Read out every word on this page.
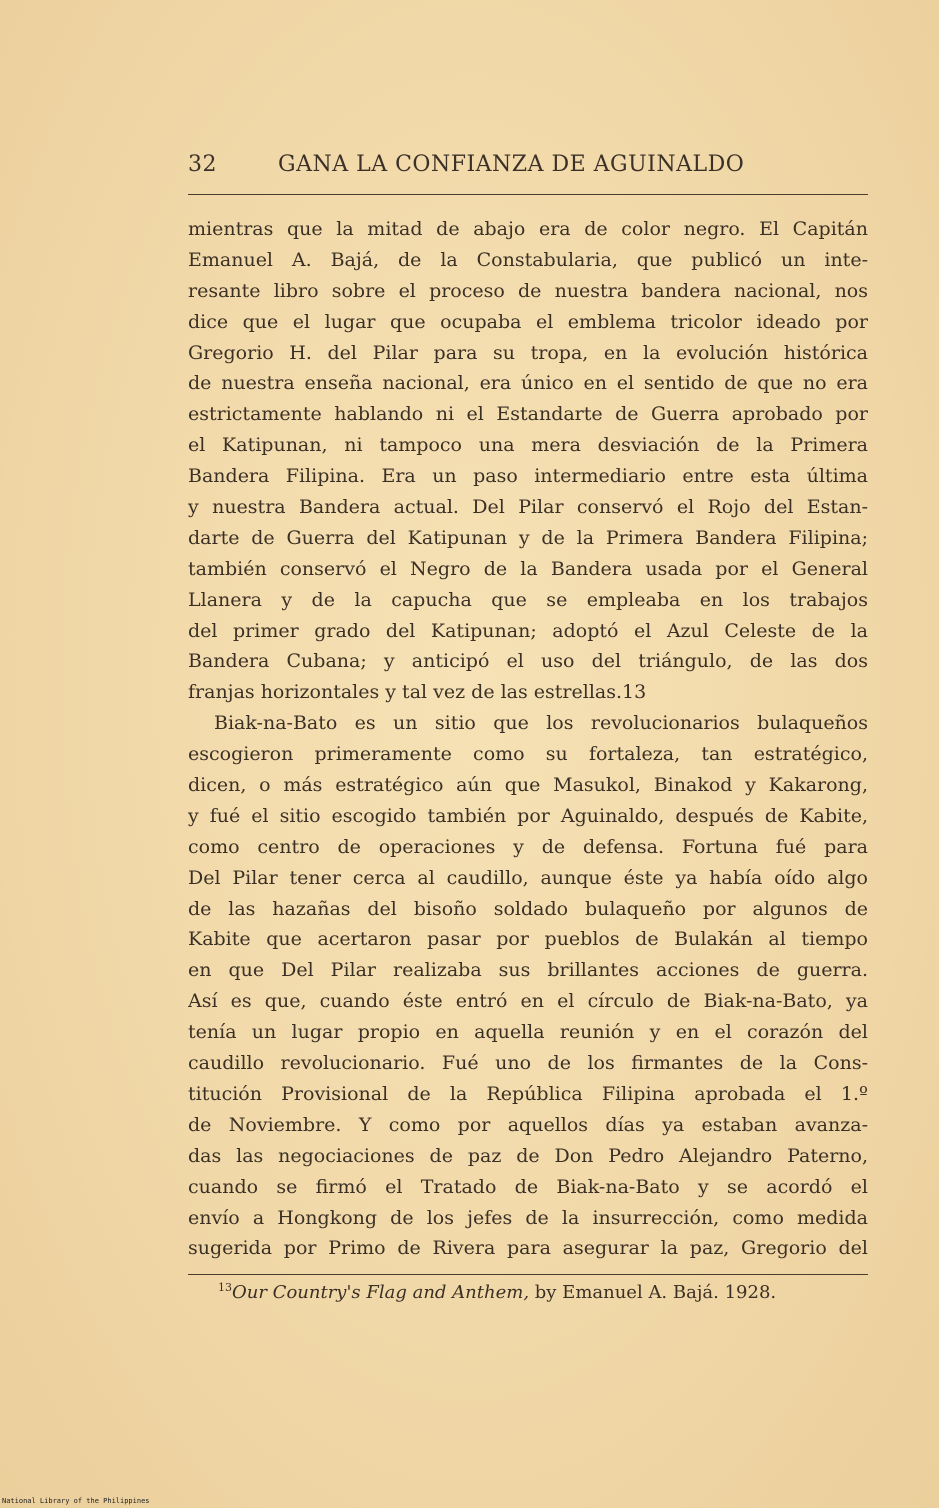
32	GANA LA CONFIANZA DE AGUINALDO
mientras que la mitad de abajo era de color negro. El Capitán
Emanuel A. Bajá, de la Constabularia, que publicó un inte-
resante libro sobre el proceso de nuestra bandera nacional, nos
dice que el lugar que ocupaba el emblema tricolor ideado por
Gregorio H. del Pilar para su tropa, en la evolución histórica
de nuestra enseña nacional, era único en el sentido de que no era
estrictamente hablando ni el Estandarte de Guerra aprobado por
el Katipunan, ni tampoco una mera desviación de la Primera
Bandera Filipina. Era un paso intermediario entre esta última
y nuestra Bandera actual. Del Pilar conservó el Rojo del Estan-
darte de Guerra del Katipunan y de la Primera Bandera Filipina;
también conservó el Negro de la Bandera usada por el General
Llanera y de la capucha que se empleaba en los trabajos
del primer grado del Katipunan; adoptó el Azul Celeste de la
Bandera Cubana; y anticipó el uso del triángulo, de las dos
franjas horizontales y tal vez de las estrellas.13
Biak-na-Bato es un sitio que los revolucionarios bulaqueños
escogieron primeramente como su fortaleza, tan estratégico,
dicen, o más estratégico aún que Masukol, Binakod y Kakarong,
y fué el sitio escogido también por Aguinaldo, después de Kabite,
como centro de operaciones y de defensa. Fortuna fué para
Del Pilar tener cerca al caudillo, aunque éste ya había oído algo
de las hazañas del bisoño soldado bulaqueño por algunos de
Kabite que acertaron pasar por pueblos de Bulakán al tiempo
en que Del Pilar realizaba sus brillantes acciones de guerra.
Así es que, cuando éste entró en el círculo de Biak-na-Bato, ya
tenía un lugar propio en aquella reunión y en el corazón del
caudillo revolucionario. Fué uno de los firmantes de la Cons-
titución Provisional de la República Filipina aprobada el 1.º
de Noviembre. Y como por aquellos días ya estaban avanza-
das las negociaciones de paz de Don Pedro Alejandro Paterno,
cuando se firmó el Tratado de Biak-na-Bato y se acordó el
envío a Hongkong de los jefes de la insurrección, como medida
sugerida por Primo de Rivera para asegurar la paz, Gregorio del
$^{13}$Our Country's Flag and Anthem, by Emanuel A. Bajá. 1928.
National Library of the Philippines
